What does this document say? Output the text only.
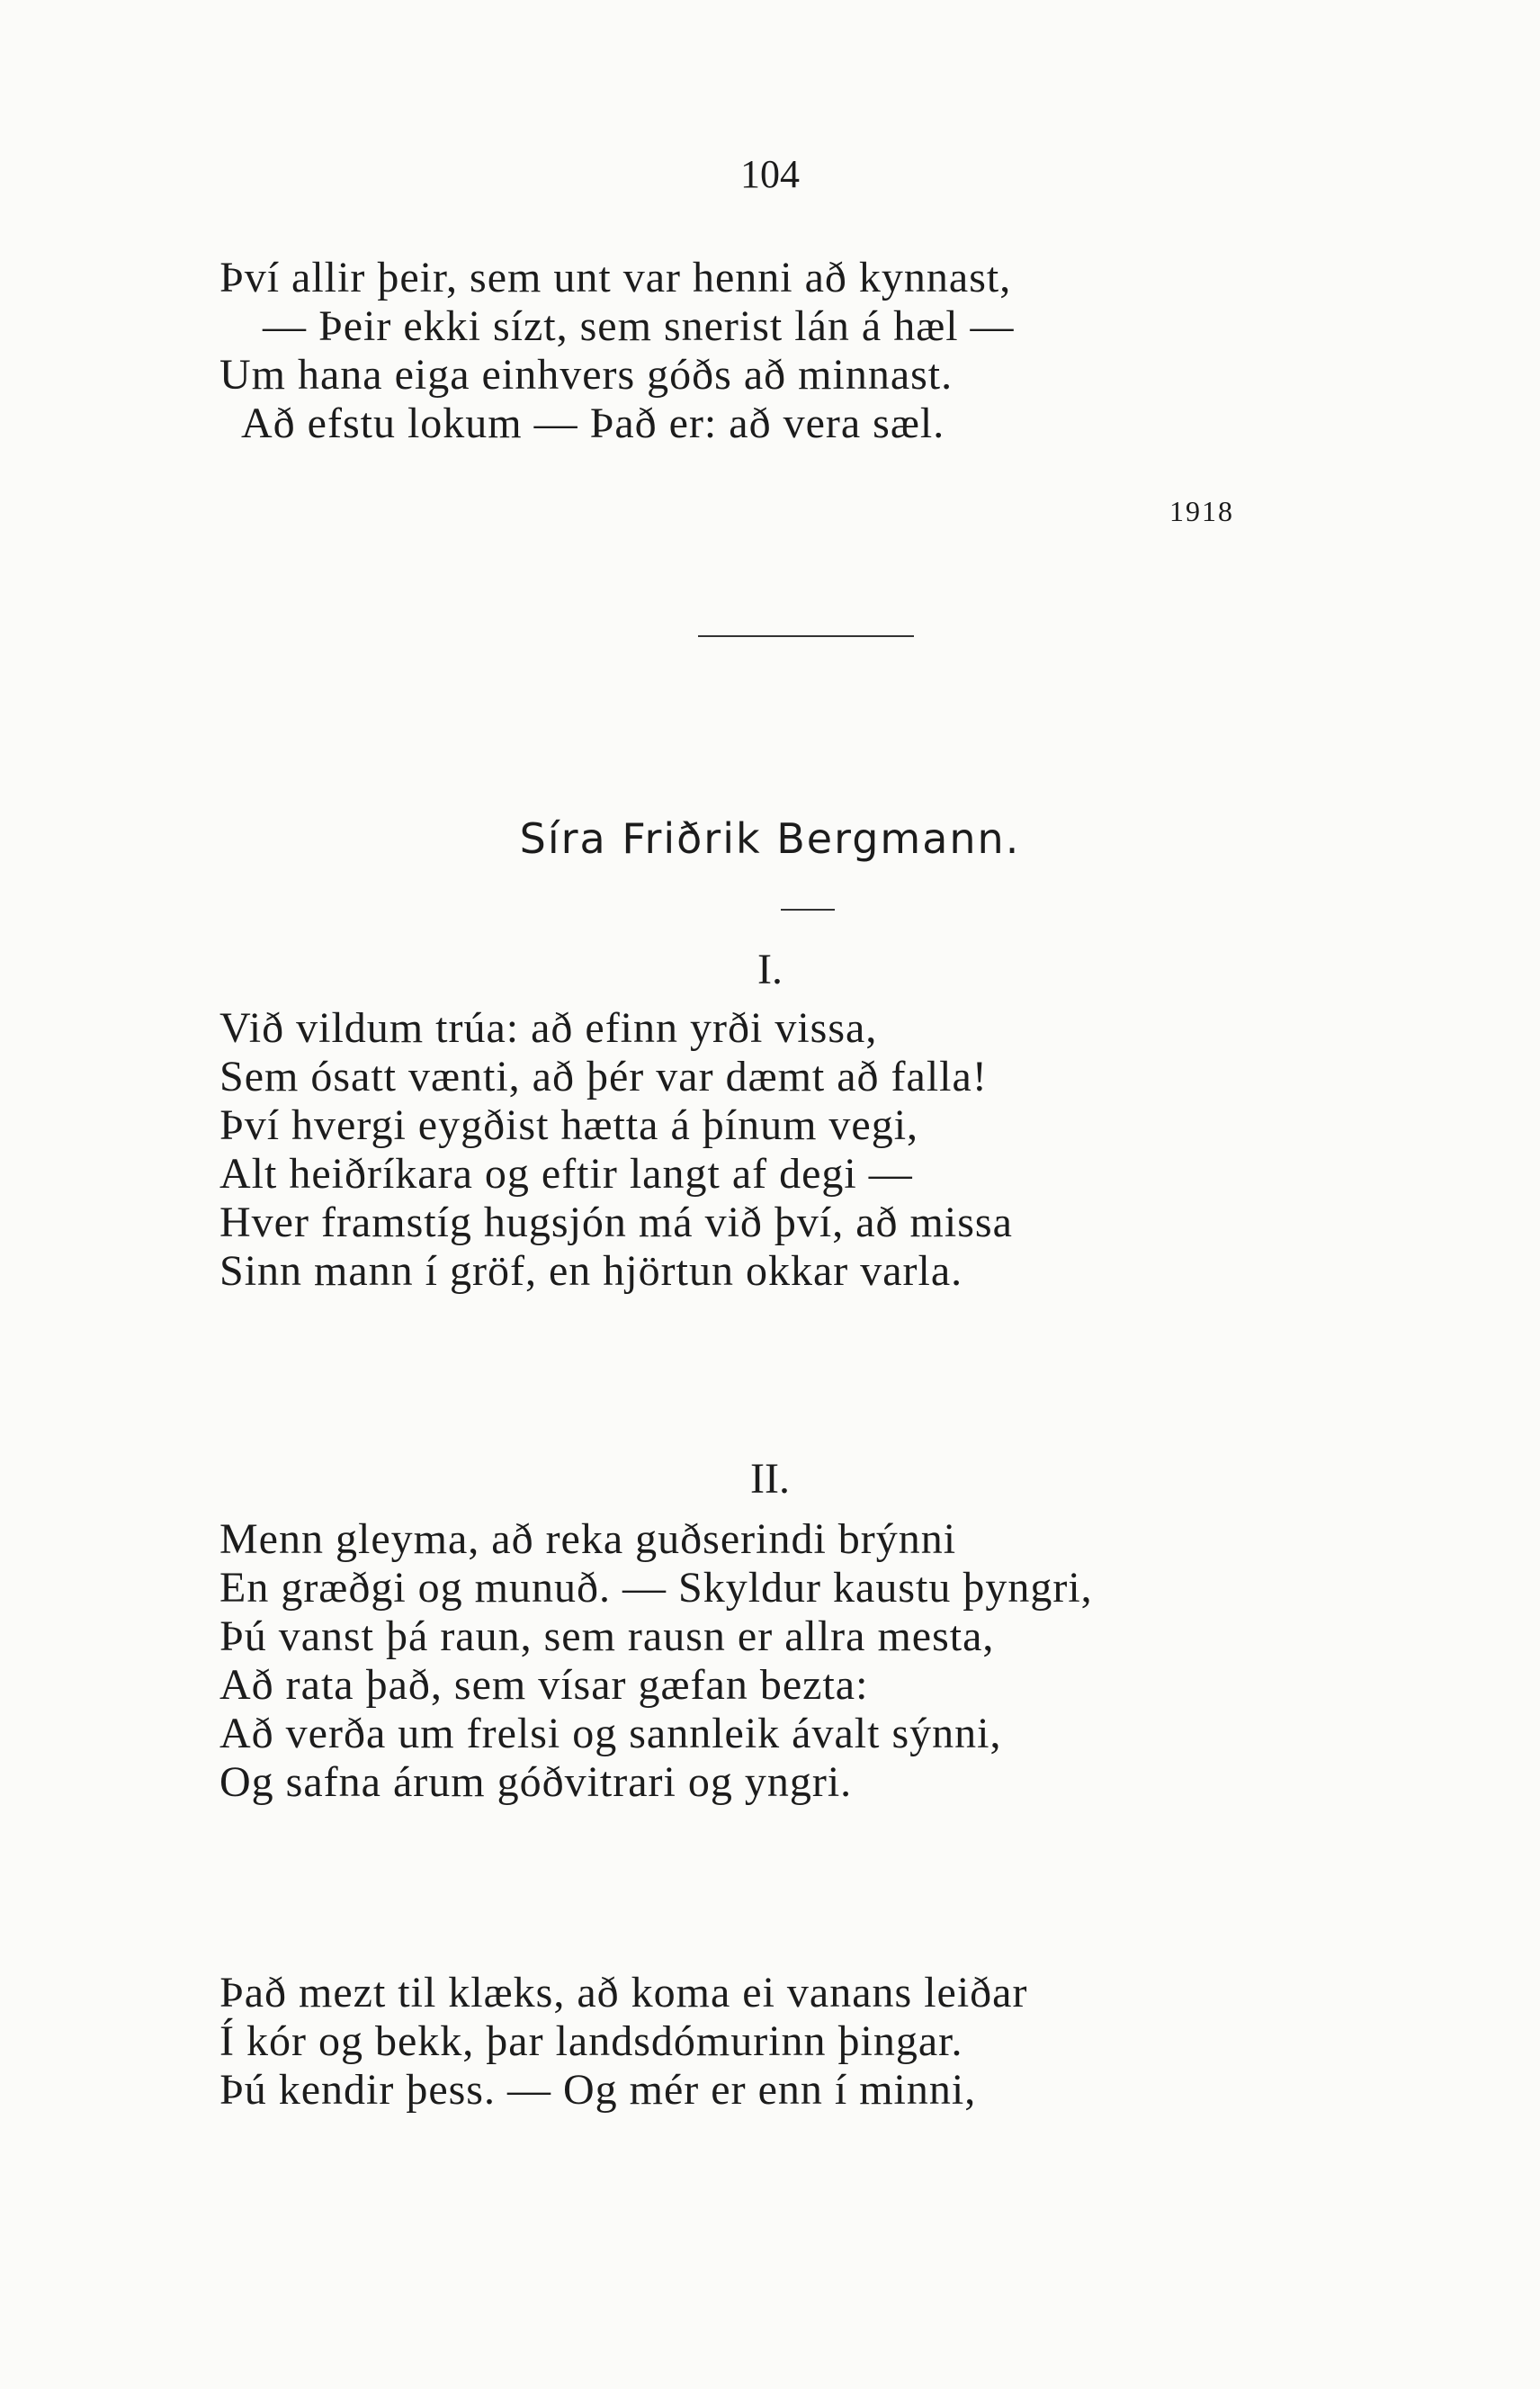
104
Því allir þeir, sem unt var henni að kynnast,
— Þeir ekki sízt, sem snerist lán á hæl —
Um hana eiga einhvers góðs að minnast.
Að efstu lokum — Það er: að vera sæl.
1918
Síra Friðrik Bergmann.
I.
Við vildum trúa: að efinn yrði vissa,
Sem ósatt vænti, að þér var dæmt að falla!
Því hvergi eygðist hætta á þínum vegi,
Alt heiðríkara og eftir langt af degi —
Hver framstíg hugsjón má við því, að missa
Sinn mann í gröf, en hjörtun okkar varla.
II.
Menn gleyma, að reka guðserindi brýnni
En græðgi og munuð. — Skyldur kaustu þyngri,
Þú vanst þá raun, sem rausn er allra mesta,
Að rata það, sem vísar gæfan bezta:
Að verða um frelsi og sannleik ávalt sýnni,
Og safna árum góðvitrari og yngri.
Það mezt til klæks, að koma ei vanans leiðar
Í kór og bekk, þar landsdómurinn þingar.
Þú kendir þess. — Og mér er enn í minni,
